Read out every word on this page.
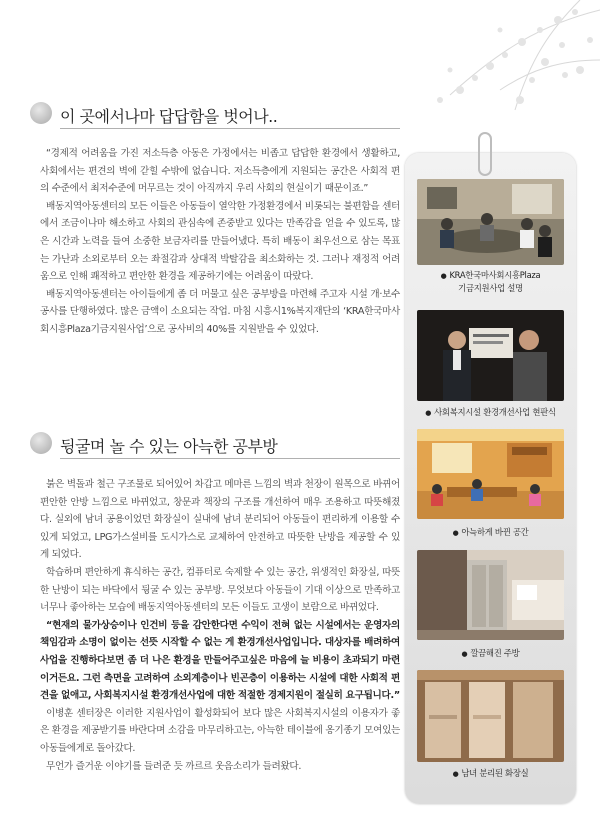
이 곳에서나마 답답함을 벗어나..

“경제적 어려움을 가진 저소득층 아동은 가정에서는 비좁고 답답한 환경에서 생활하고, 사회에서는 편견의 벽에 갇힐 수밖에 없습니다. 저소득층에게 지원되는 공간은 사회적 편의 수준에서 최저수준에 머무르는 것이 아직까지 우리 사회의 현실이기 때문이죠.”

배동지역아동센터의 모든 이들은 아동들이 열악한 가정환경에서 비롯되는 불편함을 센터에서 조금이나마 해소하고 사회의 관심속에 존중받고 있다는 만족감을 얻을 수 있도록, 많은 시간과 노력을 들여 소중한 보금자리를 만들어냈다. 특히 배동이 최우선으로 삼는 목표는 가난과 소외로부터 오는 좌절감과 상대적 박탈감을 최소화하는 것. 그러나 재정적 어려움으로 인해 쾌적하고 편안한 환경을 제공하기에는 어려움이 따랐다.

배동지역아동센터는 아이들에게 좀 더 머물고 싶은 공부방을 마련해 주고자 시설 개·보수 공사를 단행하였다. 많은 금액이 소요되는 작업. 마침 시흥시1%복지재단의 ‘KRA한국마사회시흥Plaza기금지원사업’으로 공사비의 40%를 지원받을 수 있었다.

뒹굴며 놀 수 있는 아늑한 공부방

붉은 벽돌과 철근 구조물로 되어있어 차갑고 메마른 느낌의 벽과 천장이 원목으로 바뀌어 편안한 안방 느낌으로 바뀌었고, 창문과 책장의 구조를 개선하여 매우 조용하고 따뜻해졌다. 실외에 남녀 공용이었던 화장실이 실내에 남녀 분리되어 아동들이 편리하게 이용할 수 있게 되었고, LPG가스설비를 도시가스로 교체하여 안전하고 따뜻한 난방을 제공할 수 있게 되었다.

학습하며 편안하게 휴식하는 공간, 컴퓨터로 숙제할 수 있는 공간, 위생적인 화장실, 따뜻한 난방이 되는 바닥에서 뒹굴 수 있는 공부방. 무엇보다 아동들이 기대 이상으로 만족하고 너무나 좋아하는 모습에 배동지역아동센터의 모든 이들도 고생이 보람으로 바뀌었다.

“현재의 물가상승이나 인건비 등을 감안한다면 수익이 전혀 없는 시설에서는 운영자의 책임감과 소명이 없이는 선뜻 시작할 수 없는 게 환경개선사업입니다. 대상자를 배려하여 사업을 진행하다보면 좀 더 나은 환경을 만들어주고싶은 마음에 늘 비용이 초과되기 마련이거든요. 그런 측면을 고려하여 소외계층이나 빈곤층이 이용하는 시설에 대한 사회적 편견을 없애고, 사회복지시설 환경개선사업에 대한 적절한 경제지원이 절실히 요구됩니다.”

이병훈 센터장은 이러한 지원사업이 활성화되어 보다 많은 사회복지시설의 이용자가 좋은 환경을 제공받기를 바란다며 소감을 마무리하고는, 아늑한 테이블에 옹기종기 모여있는 아동들에게로 돌아갔다.

무언가 즐거운 이야기를 들려준 듯 까르르 웃음소리가 들려왔다.

● KRA한국마사회시흥Plaza
기금지원사업 설명
● 사회복지시설 환경개선사업 현판식
● 아늑하게 바뀐 공간
● 깔끔해진 주방
● 남녀 분리된 화장실
